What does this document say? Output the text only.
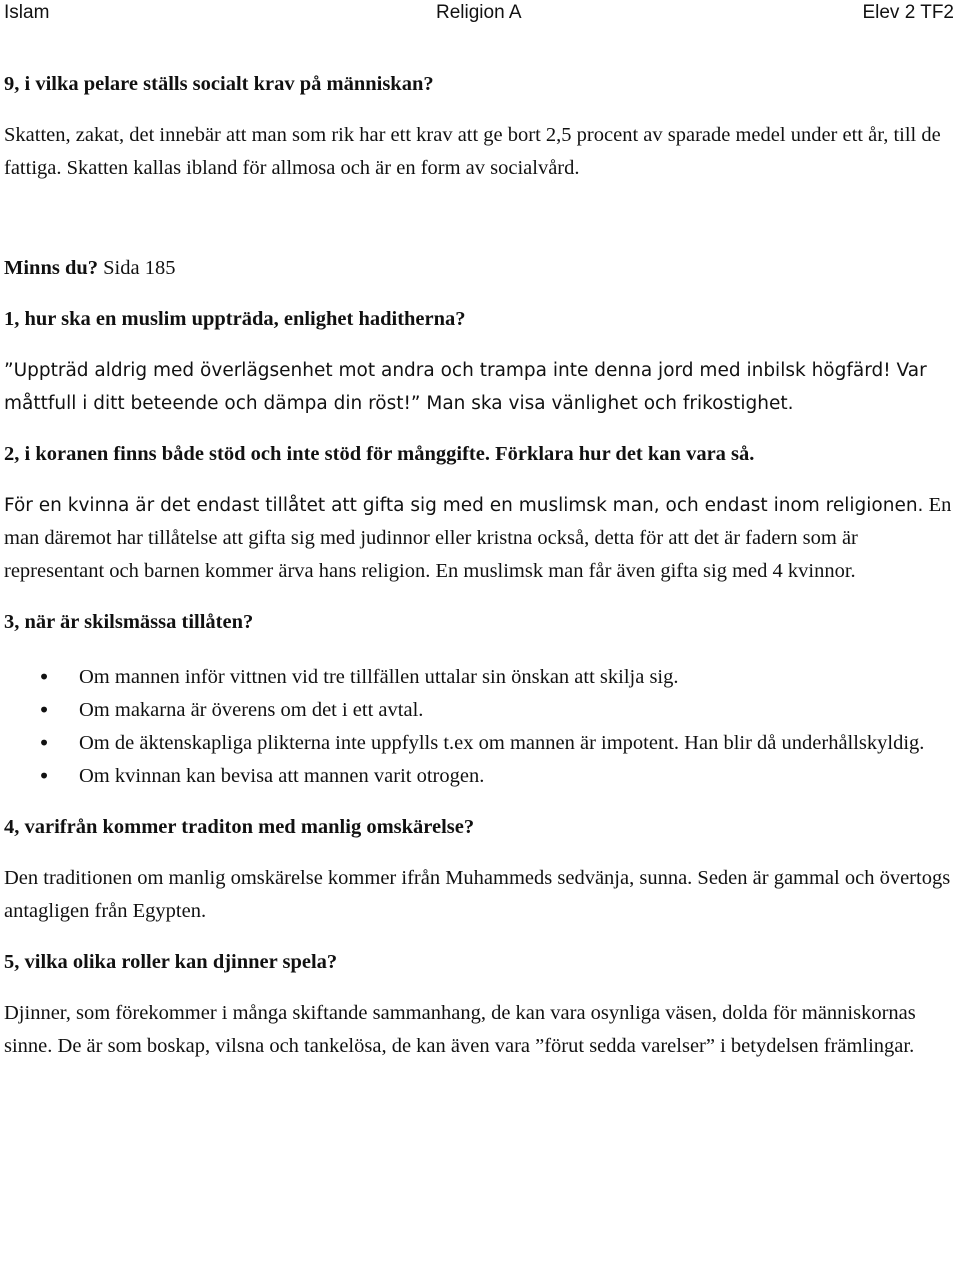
Islam	Religion A	Elev 2 TF2

9, i vilka pelare ställs socialt krav på människan?

Skatten, zakat, det innebär att man som rik har ett krav att ge bort 2,5 procent av sparade medel under ett år, till de fattiga. Skatten kallas ibland för allmosa och är en form av socialvård.

Minns du? Sida 185

1, hur ska en muslim uppträda, enlighet haditherna?

”Uppträd aldrig med överlägsenhet mot andra och trampa inte denna jord med inbilsk högfärd! Var måttfull i ditt beteende och dämpa din röst!” Man ska visa vänlighet och frikostighet.

2, i koranen finns både stöd och inte stöd för månggifte. Förklara hur det kan vara så.

För en kvinna är det endast tillåtet att gifta sig med en muslimsk man, och endast inom religionen. En man däremot har tillåtelse att gifta sig med judinnor eller kristna också, detta för att det är fadern som är representant och barnen kommer ärva hans religion. En muslimsk man får även gifta sig med 4 kvinnor.

3, när är skilsmässa tillåten?

• Om mannen inför vittnen vid tre tillfällen uttalar sin önskan att skilja sig.
• Om makarna är överens om det i ett avtal.
• Om de äktenskapliga plikterna inte uppfylls t.ex om mannen är impotent. Han blir då underhållskyldig.
• Om kvinnan kan bevisa att mannen varit otrogen.

4, varifrån kommer traditon med manlig omskärelse?

Den traditionen om manlig omskärelse kommer ifrån Muhammeds sedvänja, sunna. Seden är gammal och övertogs antagligen från Egypten.

5, vilka olika roller kan djinner spela?

Djinner, som förekommer i många skiftande sammanhang, de kan vara osynliga väsen, dolda för människornas sinne. De är som boskap, vilsna och tankelösa, de kan även vara ”förut sedda varelser” i betydelsen främlingar.
